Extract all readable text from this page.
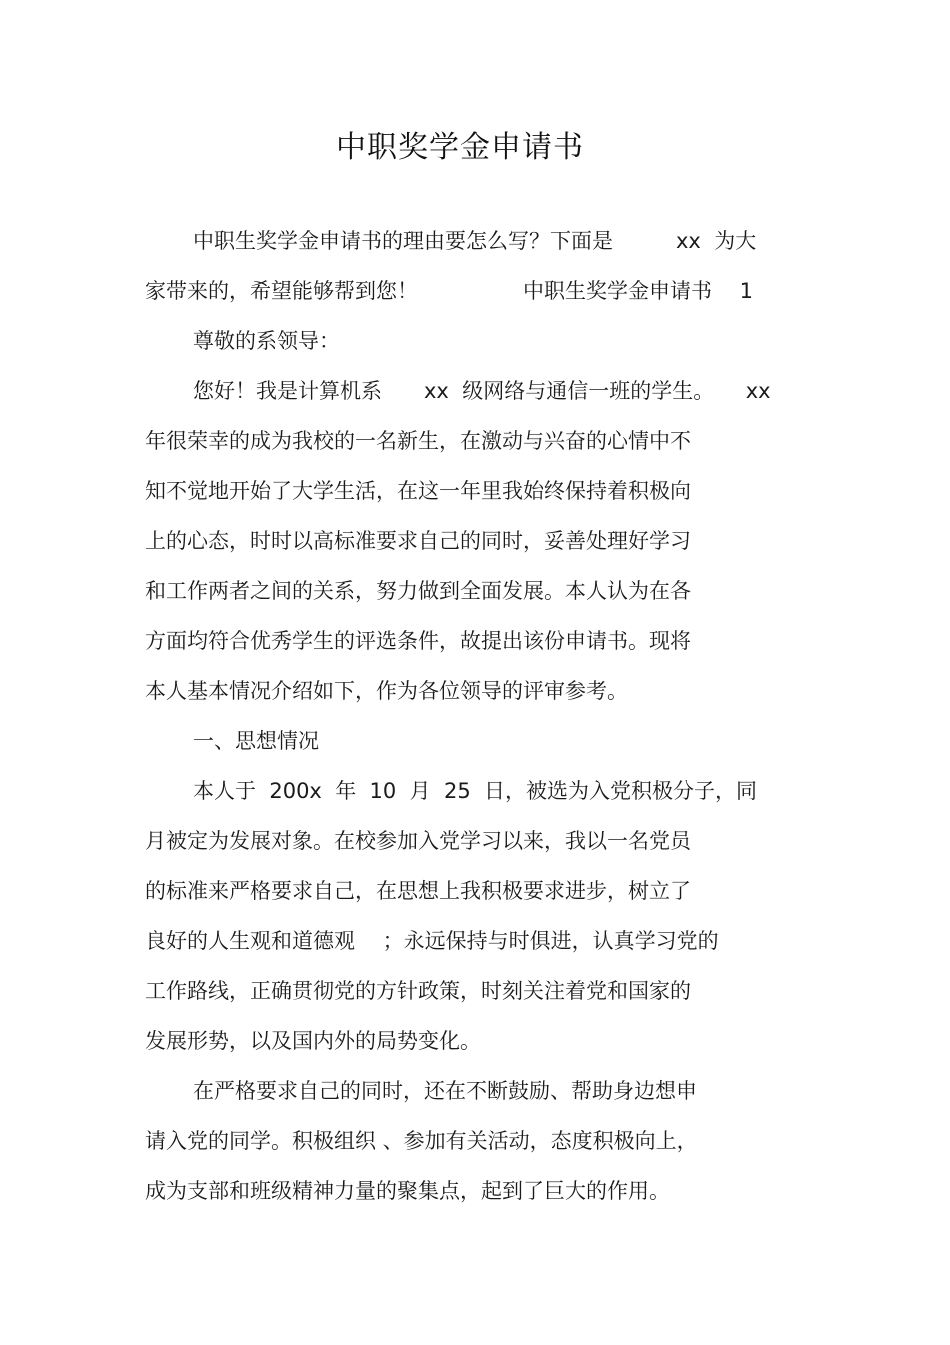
中职奖学金申请书
中职生奖学金申请书的理由要怎么写？下面是　　　xx  为大
家带来的，希望能够帮到您！　　　　　中职生奖学金申请书　 1
尊敬的系领导：
您好！我是计算机系　　xx  级网络与通信一班的学生。　　xx
年很荣幸的成为我校的一名新生，在激动与兴奋的心情中不
知不觉地开始了大学生活，在这一年里我始终保持着积极向
上的心态，时时以高标准要求自己的同时，妥善处理好学习
和工作两者之间的关系，努力做到全面发展。本人认为在各
方面均符合优秀学生的评选条件，故提出该份申请书。现将
本人基本情况介绍如下，作为各位领导的评审参考。
一、思想情况
本人于  200x  年  10  月  25  日，被选为入党积极分子，同
月被定为发展对象。在校参加入党学习以来，我以一名党员
的标准来严格要求自己，在思想上我积极要求进步，树立了
良好的人生观和道德观　 ；永远保持与时俱进，认真学习党的
工作路线，正确贯彻党的方针政策，时刻关注着党和国家的
发展形势，以及国内外的局势变化。
在严格要求自己的同时，还在不断鼓励、帮助身边想申
请入党的同学。积极组织 、参加有关活动，态度积极向上，
成为支部和班级精神力量的聚集点，起到了巨大的作用。
